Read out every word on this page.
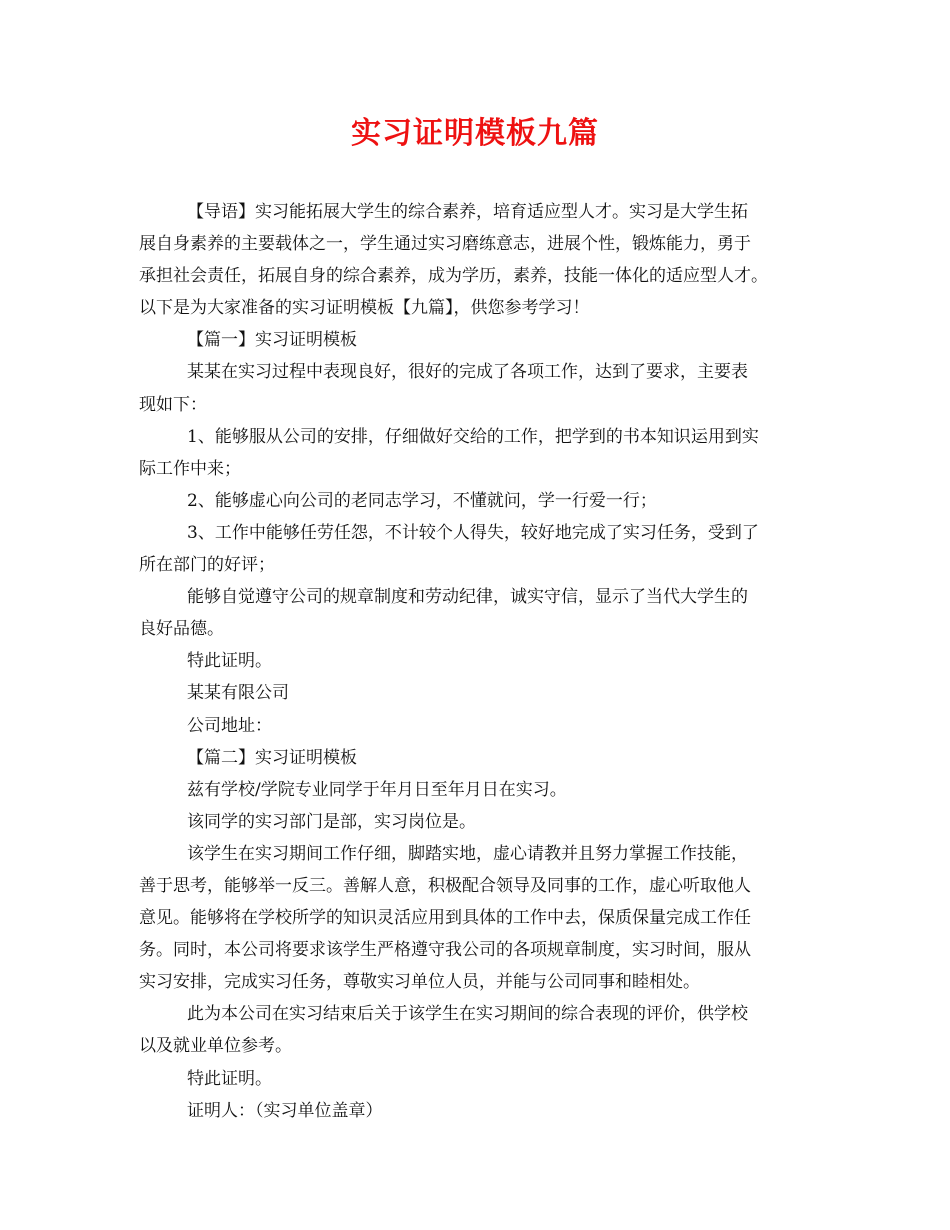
实习证明模板九篇
【导语】实习能拓展大学生的综合素养，培育适应型人才。实习是大学生拓
展自身素养的主要载体之一，学生通过实习磨练意志，进展个性，锻炼能力，勇于
承担社会责任，拓展自身的综合素养，成为学历，素养，技能一体化的适应型人才。
以下是为大家准备的实习证明模板【九篇】，供您参考学习！
【篇一】实习证明模板
某某在实习过程中表现良好，很好的完成了各项工作，达到了要求，主要表
现如下：
1、能够服从公司的安排，仔细做好交给的工作，把学到的书本知识运用到实
际工作中来；
2、能够虚心向公司的老同志学习，不懂就问，学一行爱一行；
3、工作中能够任劳任怨，不计较个人得失，较好地完成了实习任务，受到了
所在部门的好评；
能够自觉遵守公司的规章制度和劳动纪律，诚实守信，显示了当代大学生的
良好品德。
特此证明。
某某有限公司
公司地址：
【篇二】实习证明模板
兹有学校/学院专业同学于年月日至年月日在实习。
该同学的实习部门是部，实习岗位是。
该学生在实习期间工作仔细，脚踏实地，虚心请教并且努力掌握工作技能，
善于思考，能够举一反三。善解人意，积极配合领导及同事的工作，虚心听取他人
意见。能够将在学校所学的知识灵活应用到具体的工作中去，保质保量完成工作任
务。同时，本公司将要求该学生严格遵守我公司的各项规章制度，实习时间，服从
实习安排，完成实习任务，尊敬实习单位人员，并能与公司同事和睦相处。
此为本公司在实习结束后关于该学生在实习期间的综合表现的评价，供学校
以及就业单位参考。
特此证明。
证明人：（实习单位盖章）
